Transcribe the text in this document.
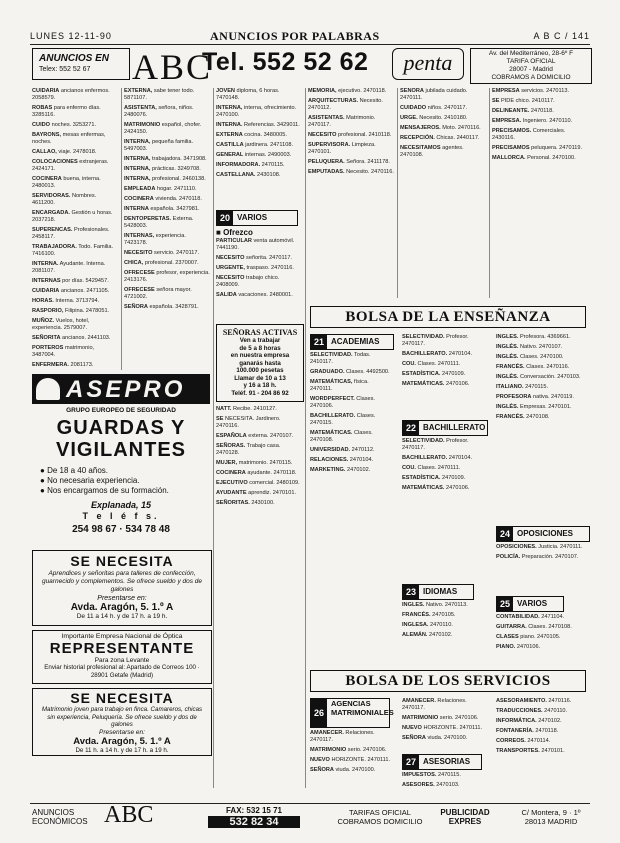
LUNES 12-11-90	ANUNCIOS POR PALABRAS	A B C / 141
ANUNCIOS EN
Telex: 552 52 67 ABC
Tel. 552 52 62	penta	Av. del Mediterráneo, 28-6º F
TARIFA OFICIAL
28007 - Madrid
COBRAMOS A DOMICILIO

CUIDARIA ancianos enfermos. 2058579.

ROBAS para enfermo días. 3285116.

CUIDO noches. 3253271.

BAYRONS, mesas enfermas, noches.

CALLAO, viaje. 2478018.

COLOCACIONES extranjeras. 2424171.

COCINERA buena, interna. 2480013.

SERVIDORAS. Nombres. 4611200.

ENCARGADA. Gestión u horas. 2037218.

SUPERENCAS. Profesionales. 2458117.

TRABAJADORA. Todo. Familia. 7416100.

INTERNA. Ayudante. Interna. 2081107.

INTERNAS por días. 5429457.

CUIDARIA ancianos. 2471105.

HORAS. Interna. 3713794.

RASPORIO, Filipina. 2478051.

MUÑOZ. Vuelos, hotel, experiencia. 2579007.

SEÑORITA ancianos. 2441103.

PORTEROS matrimonio, 3487004.

ENFERMERA. 2081173.

EXTERNA, sabe tener todo. 5871107.

ASISTENTA, señora, niños. 2480076.

MATRIMONIO español, chofer. 2424150.

INTERNA, pequeña familia. 5497003.

INTERNA, trabajadora. 3471908.

INTERNA, prácticas. 3249708.

INTERNA, profesional. 2460138.

EMPLEADA hogar. 2471110.

COCINERA vivienda. 2470118.

INTERNA española. 3427981.

DENTOPERETAS. Externa. 5428003.

INTERNAS, experiencia. 7423178.

NECESITO servicio. 2470117.

CHICA, profesional. 2370007.

OFRECESE profesor, experiencia. 2413176.

OFRECESE señora mayor. 4721002.

SEÑORA española. 3428791.

JOVEN diploma, 6 horas. 7470148.

INTERNA, interna, ofrecimiento. 2470100.

INTERNA. Referencias. 3429011.

EXTERNA cocina. 3480005.

CASTILLA jardinera. 2471108.

GENERAL internas. 2490003.

INFORMADORA. 2470115.

CASTELLANA. 2430108.

20 VARIOS
■ Ofrezco

PARTICULAR venta automóvil. 7441190.

NECESITO señorita. 2470117.

URGENTE, traspaso. 2470116.

NECESITO trabajo chico. 2408009.

SALIDA vacaciones. 2480001.

SEÑORAS ACTIVAS
Ven a trabajar
de 5 a 8 horas
en nuestra empresa
ganarás hasta
100.000 pesetas
Llamar de 10 a 13
y 16 a 18 h.
Teléf. 91 - 204 86 92

NATT. Recibe. 2410127.

SE NECESITA. Jardinero. 2470116.

ESPAÑOLA externa. 2470107.

SEÑORAS. Trabajo casa. 2470128.

MUJER, matrimonio. 2470115.

COCINERA ayudante. 2470118.

EJECUTIVO comercial. 2480109.

AYUDANTE aprendiz. 2470101.

SEÑORITAS. 2430100.

ASEPRO
GRUPO EUROPEO DE SEGURIDAD
GUARDAS Y
VIGILANTES
● De 18 a 40 años.
● No necesaria experiencia.
● Nos encargamos de su formación.
Explanada, 15
T e l é f s.
254 98 67 · 534 78 48
SE NECESITA
Aprendices y señoritas para talleres de confección, guarnecido y complementos. Se ofrece sueldo y dos de galones
Presentarse en:
Avda. Aragón, 5. 1.º A
De 11 a 14 h. y de 17 h. a 19 h.
Importante Empresa Nacional de Óptica
REPRESENTANTE
Para zona Levante
Enviar historial profesional al: Apartado de Correos 100 · 28901 Getafe (Madrid)
SE NECESITA
Matrimonio joven para trabajo en finca. Camareros, chicas sin experiencia, Peluquería. Se ofrece sueldo y dos de galones
Presentarse en:
Avda. Aragón, 5. 1.º A
De 11 h. a 14 h. y de 17 h. a 19 h.

MEMORIA, ejecutivo. 2470118.

ARQUITECTURAS. Necesito. 2470112.

ASISTENTAS. Matrimonio. 2470117.

NECESITO profesional. 2410118.

SUPERVISORA. Limpieza. 2470101.

PELUQUERA. Señora. 2411178.

EMPUTADAS. Necesito. 2470116.

SEÑORA jubilada cuidado. 2470111.

CUIDADO niños. 2470117.

URGE. Necesito. 2410180.

MENSAJEROS. Moto. 2470116.

RECEPCIÓN. Chicas. 2440117.

NECESITAMOS agentes. 2470108.

EMPRESA servicios. 2470113.

SE PIDE chico. 2410117.

DELINEANTE. 2470118.

EMPRESA. Ingeniero. 2470110.

PRECISAMOS. Comerciales. 2430116.

PRECISAMOS peluquera. 2470119.

MALLORCA. Personal. 2470100.

BOLSA DE LA ENSEÑANZA
21 ACADEMIAS

SELECTIVIDAD. Todas. 2410117.

GRADUADO. Clases. 4492500.

MATEMÁTICAS, física. 2470111.

WORDPERFECT. Clases. 2470106.

BACHILLERATO. Clases. 2470115.

MATEMÁTICAS. Clases. 2470108.

UNIVERSIDAD. 2470112.

RELACIONES. 2470104.

MARKETING. 2470102.

SELECTIVIDAD. Profesor. 2470117.

BACHILLERATO. 2470104.

COU. Clases. 2470111.

ESTADÍSTICA. 2470109.

MATEMÁTICAS. 2470106.

22 BACHILLERATO

SELECTIVIDAD. Profesor. 2470117.

BACHILLERATO. 2470104.

COU. Clases. 2470111.

ESTADÍSTICA. 2470109.

MATEMÁTICAS. 2470106.

23 IDIOMAS

INGLÉS. Nativo. 2470113.

FRANCÉS. 2470105.

INGLESA. 2470110.

ALEMÁN. 2470102.

INGLÉS. Profesora. 4369661.

INGLÉS. Nativo. 2470107.

INGLÉS. Clases. 2470100.

FRANCÉS. Clases. 2470116.

INGLÉS. Conversación. 2470103.

ITALIANO. 2470115.

PROFESORA nativa. 2470119.

INGLÉS. Empresas. 2470101.

FRANCÉS. 2470108.

24 OPOSICIONES

OPOSICIONES. Justicia. 2470111.

POLICÍA. Preparación. 2470107.

25 VARIOS

CONTABILIDAD. 2471104.

GUITARRA. Clases. 2470108.

CLASES piano. 2470105.

PIANO. 2470106.

BOLSA DE LOS SERVICIOS
26
AGENCIAS MATRIMONIALES

AMANECER. Relaciones. 2470117.

MATRIMONIO serio. 2470106.

NUEVO HORIZONTE. 2470111.

SEÑORA viuda. 2470100.

AMANECER. Relaciones. 2470117.

MATRIMONIO serio. 2470106.

NUEVO HORIZONTE. 2470111.

SEÑORA viuda. 2470100.

27 ASESORIAS

IMPUESTOS. 2470115.

ASESORES. 2470103.

ASESORAMIENTO. 2470116.

TRADUCCIONES. 2470110.

INFORMÁTICA. 2470102.

FONTANERÍA. 2470118.

CORREOS. 2470114.

TRANSPORTES. 2470101.

ANUNCIOS
ECONÓMICOS ABC	FAX: 532 15 71
532 82 34
TARIFAS OFICIAL
COBRAMOS DOMICILIO
PUBLICIDAD
EXPRES
C/ Montera, 9 · 1º
28013 MADRID
